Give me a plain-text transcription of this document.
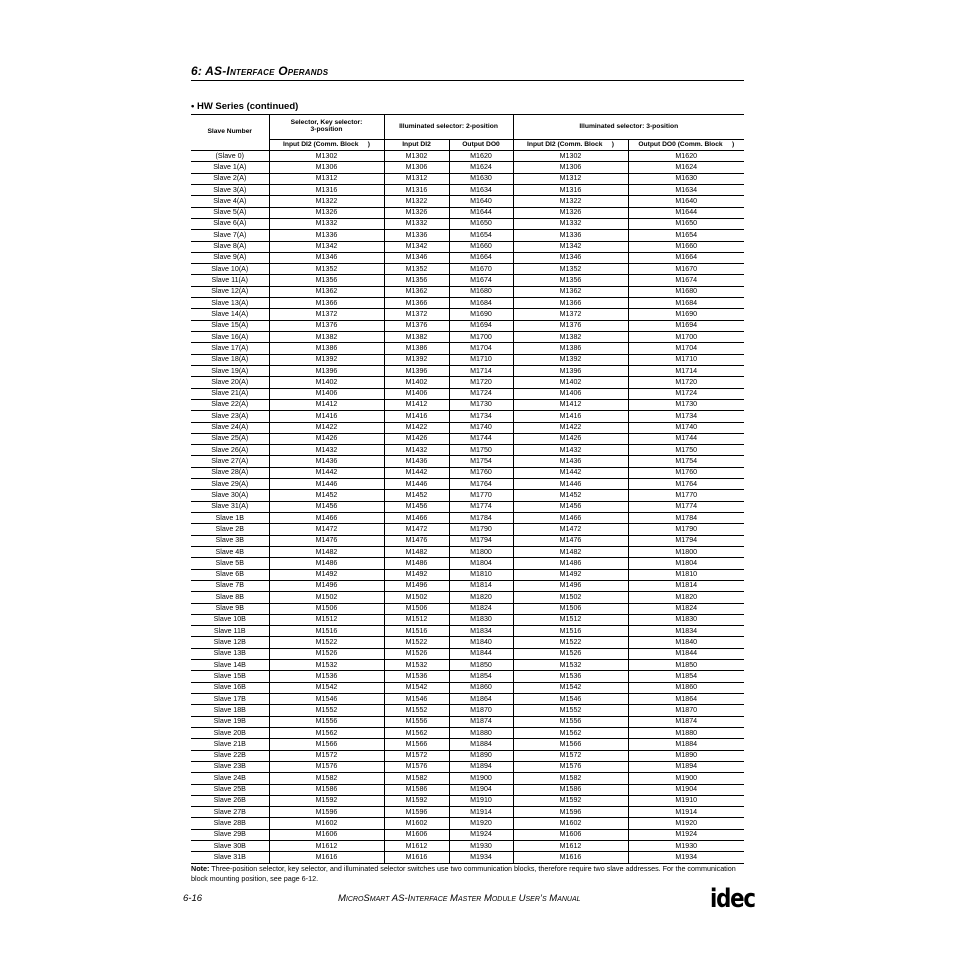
6: AS-Interface Operands
• HW Series (continued)
Slave Number	Selector, Key selector: 3-position	Illuminated selector: 2-position		Illuminated selector: 3-position	
	Input DI2 (Comm. Block     )	Input DI2	Output DO0	Input DI2 (Comm. Block     )	Output DO0 (Comm. Block     )
(Slave 0)	M1302	M1302	M1620	M1302	M1620
Slave 1(A)	M1306	M1306	M1624	M1306	M1624
Slave 2(A)	M1312	M1312	M1630	M1312	M1630
Slave 3(A)	M1316	M1316	M1634	M1316	M1634
Slave 4(A)	M1322	M1322	M1640	M1322	M1640
Slave 5(A)	M1326	M1326	M1644	M1326	M1644
Slave 6(A)	M1332	M1332	M1650	M1332	M1650
Slave 7(A)	M1336	M1336	M1654	M1336	M1654
Slave 8(A)	M1342	M1342	M1660	M1342	M1660
Slave 9(A)	M1346	M1346	M1664	M1346	M1664
Slave 10(A)	M1352	M1352	M1670	M1352	M1670
Slave 11(A)	M1356	M1356	M1674	M1356	M1674
Slave 12(A)	M1362	M1362	M1680	M1362	M1680
Slave 13(A)	M1366	M1366	M1684	M1366	M1684
Slave 14(A)	M1372	M1372	M1690	M1372	M1690
Slave 15(A)	M1376	M1376	M1694	M1376	M1694
Slave 16(A)	M1382	M1382	M1700	M1382	M1700
Slave 17(A)	M1386	M1386	M1704	M1386	M1704
Slave 18(A)	M1392	M1392	M1710	M1392	M1710
Slave 19(A)	M1396	M1396	M1714	M1396	M1714
Slave 20(A)	M1402	M1402	M1720	M1402	M1720
Slave 21(A)	M1406	M1406	M1724	M1406	M1724
Slave 22(A)	M1412	M1412	M1730	M1412	M1730
Slave 23(A)	M1416	M1416	M1734	M1416	M1734
Slave 24(A)	M1422	M1422	M1740	M1422	M1740
Slave 25(A)	M1426	M1426	M1744	M1426	M1744
Slave 26(A)	M1432	M1432	M1750	M1432	M1750
Slave 27(A)	M1436	M1436	M1754	M1436	M1754
Slave 28(A)	M1442	M1442	M1760	M1442	M1760
Slave 29(A)	M1446	M1446	M1764	M1446	M1764
Slave 30(A)	M1452	M1452	M1770	M1452	M1770
Slave 31(A)	M1456	M1456	M1774	M1456	M1774
Slave 1B	M1466	M1466	M1784	M1466	M1784
Slave 2B	M1472	M1472	M1790	M1472	M1790
Slave 3B	M1476	M1476	M1794	M1476	M1794
Slave 4B	M1482	M1482	M1800	M1482	M1800
Slave 5B	M1486	M1486	M1804	M1486	M1804
Slave 6B	M1492	M1492	M1810	M1492	M1810
Slave 7B	M1496	M1496	M1814	M1496	M1814
Slave 8B	M1502	M1502	M1820	M1502	M1820
Slave 9B	M1506	M1506	M1824	M1506	M1824
Slave 10B	M1512	M1512	M1830	M1512	M1830
Slave 11B	M1516	M1516	M1834	M1516	M1834
Slave 12B	M1522	M1522	M1840	M1522	M1840
Slave 13B	M1526	M1526	M1844	M1526	M1844
Slave 14B	M1532	M1532	M1850	M1532	M1850
Slave 15B	M1536	M1536	M1854	M1536	M1854
Slave 16B	M1542	M1542	M1860	M1542	M1860
Slave 17B	M1546	M1546	M1864	M1546	M1864
Slave 18B	M1552	M1552	M1870	M1552	M1870
Slave 19B	M1556	M1556	M1874	M1556	M1874
Slave 20B	M1562	M1562	M1880	M1562	M1880
Slave 21B	M1566	M1566	M1884	M1566	M1884
Slave 22B	M1572	M1572	M1890	M1572	M1890
Slave 23B	M1576	M1576	M1894	M1576	M1894
Slave 24B	M1582	M1582	M1900	M1582	M1900
Slave 25B	M1586	M1586	M1904	M1586	M1904
Slave 26B	M1592	M1592	M1910	M1592	M1910
Slave 27B	M1596	M1596	M1914	M1596	M1914
Slave 28B	M1602	M1602	M1920	M1602	M1920
Slave 29B	M1606	M1606	M1924	M1606	M1924
Slave 30B	M1612	M1612	M1930	M1612	M1930
Slave 31B	M1616	M1616	M1934	M1616	M1934
Note: Three-position selector, key selector, and illuminated selector switches use two communication blocks, therefore require two slave addresses. For the communication block mounting position, see page 6-12.
6-16	MicroSmart AS-Interface Master Module User’s Manual	idec
